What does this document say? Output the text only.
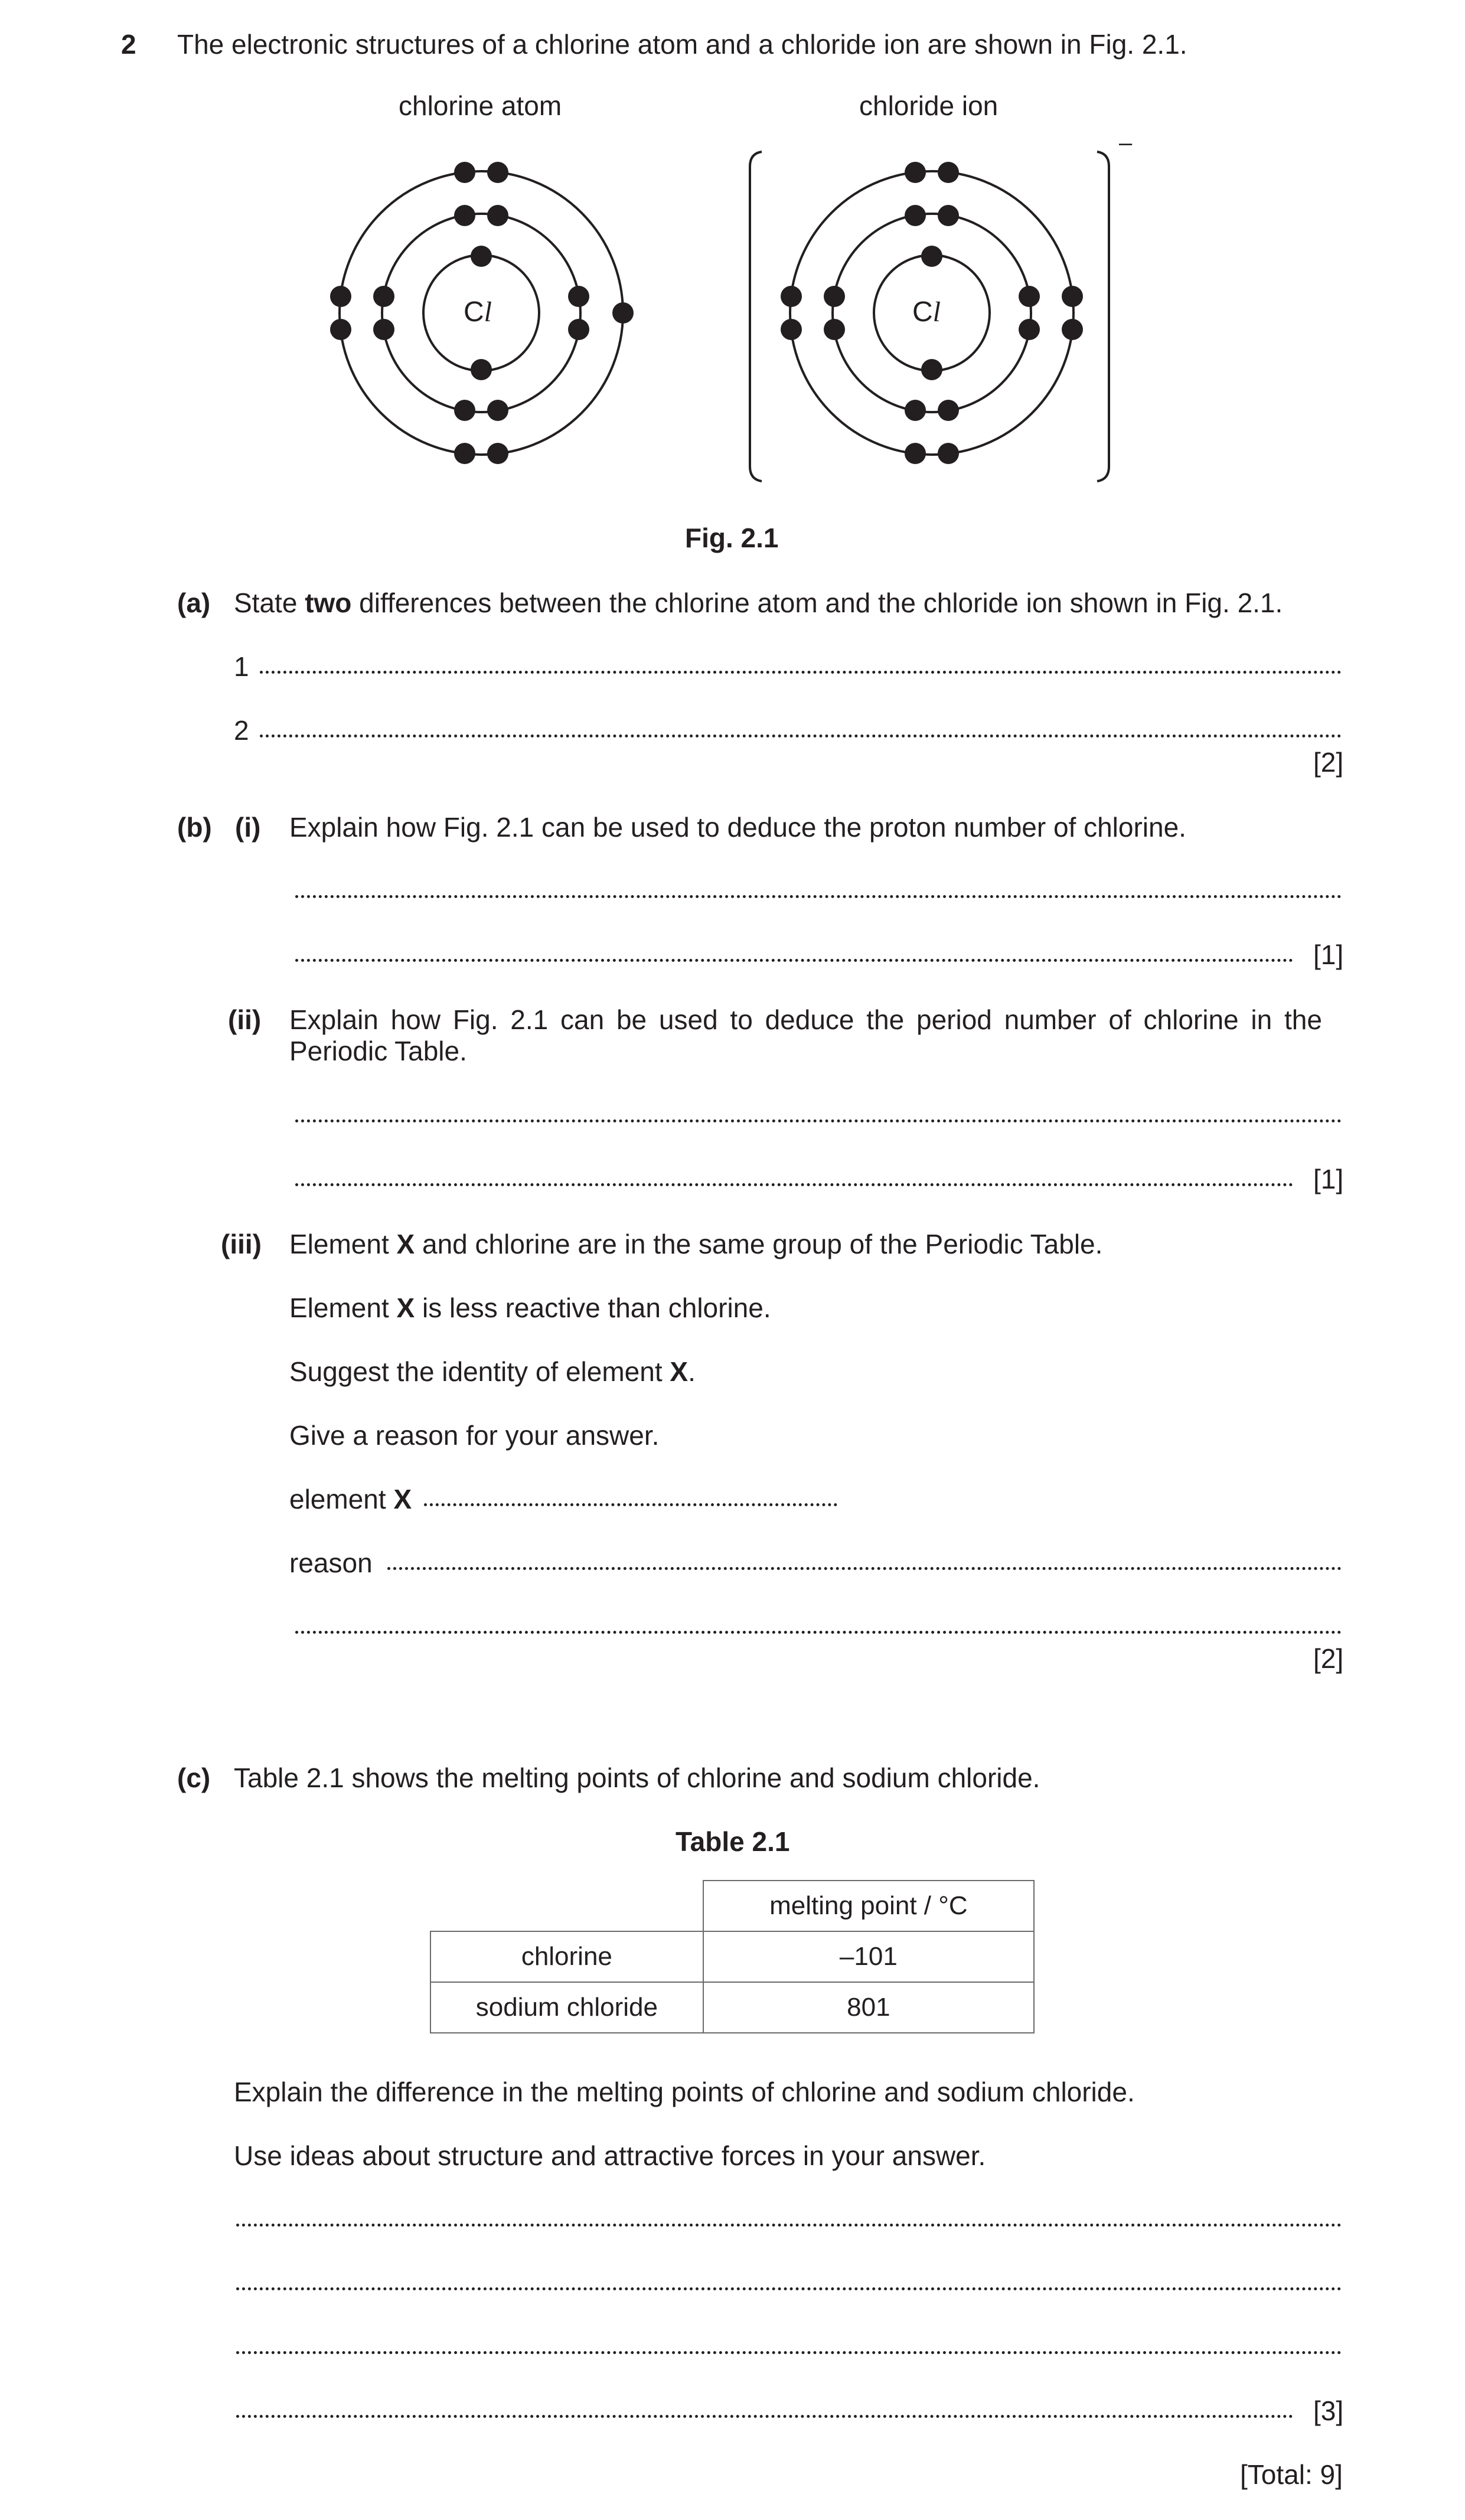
2 The electronic structures of a chlorine atom and a chloride ion are shown in Fig. 2.1.
chlorine atom	chloride ion
Cl	Cl
–
Fig. 2.1
(a) State two differences between the chlorine atom and the chloride ion shown in Fig. 2.1.
1
2
[2]
(b) (i) Explain how Fig. 2.1 can be used to deduce the proton number of chlorine.
[1]
(ii) Explain how Fig. 2.1 can be used to deduce the period number of chlorine in the
Periodic Table.
[1]
(iii) Element X and chlorine are in the same group of the Periodic Table.
Element X is less reactive than chlorine.
Suggest the identity of element X.
Give a reason for your answer.
element X
reason
[2]
(c) Table 2.1 shows the melting points of chlorine and sodium chloride.
Table 2.1
	melting point / °C
chlorine	–101
sodium chloride	801
Explain the difference in the melting points of chlorine and sodium chloride.
Use ideas about structure and attractive forces in your answer.
[3]
[Total: 9]
